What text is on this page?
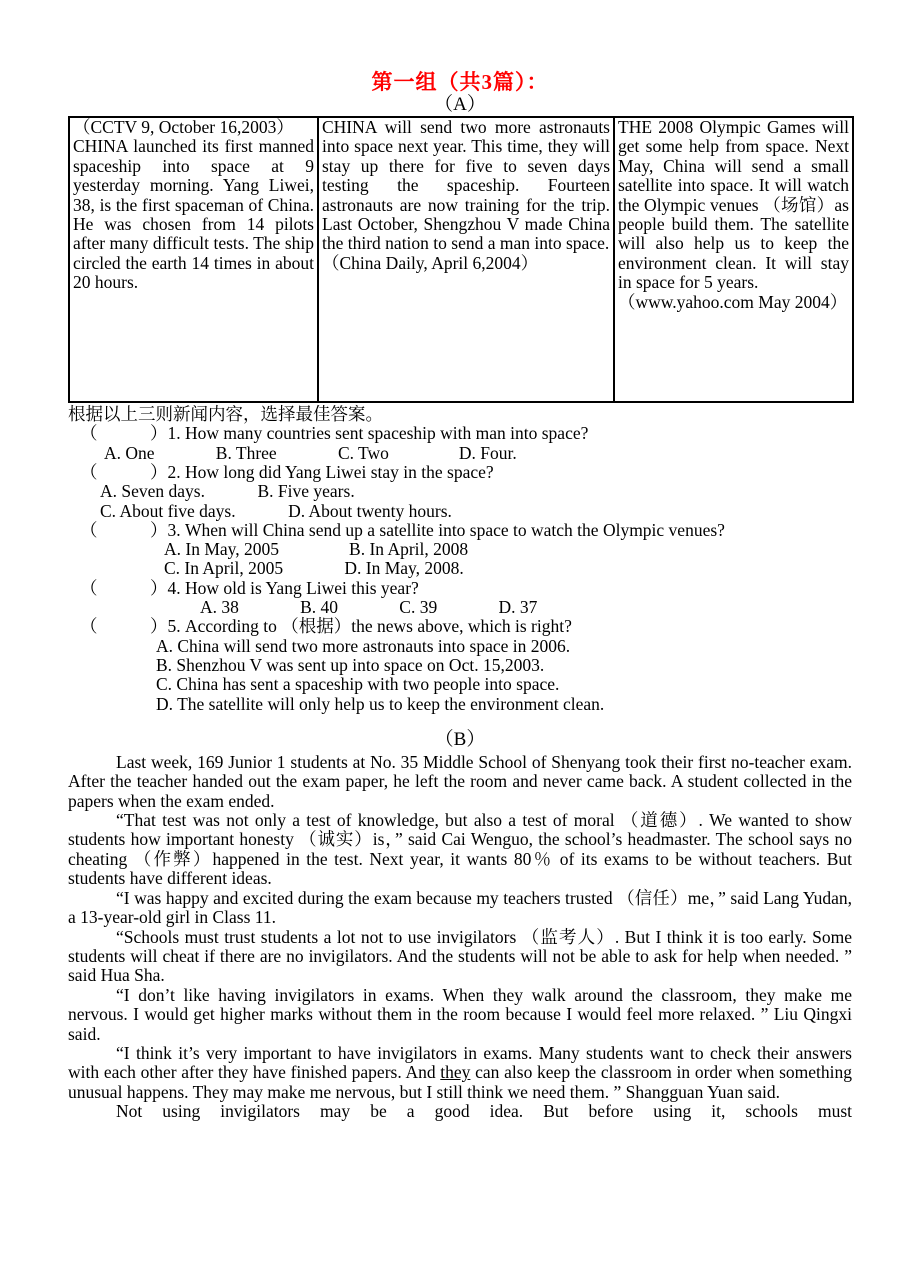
第一组（共3篇）：
（A）
（CCTV 9, October 16,2003）
CHINA launched its first manned spaceship into space at 9 yesterday morning. Yang Liwei, 38, is the first spaceman of China. He was chosen from 14 pilots after many difficult tests. The ship circled the earth 14 times in about 20 hours.

CHINA will send two more astronauts into space next year. This time, they will stay up there for five to seven days testing the spaceship. Fourteen astronauts are now training for the trip. Last October, Shengzhou V made China the third nation to send a man into space.
（China Daily, April 6,2004）

THE 2008 Olympic Games will get some help from space. Next May, China will send a small satellite into space. It will watch the Olympic venues （场馆）as people build them. The satellite will also help us to keep the environment clean. It will stay in space for 5 years.
（www.yahoo.com May 2004）
根据以上三则新闻内容，选择最佳答案。
（            ）1. How many countries sent spaceship with man into space?
A. One              B. Three              C. Two                D. Four.
（            ）2. How long did Yang Liwei stay in the space?
A. Seven days.            B. Five years.
C. About five days.            D. About twenty hours.
（            ）3. When will China send up a satellite into space to watch the Olympic venues?
A. In May, 2005                B. In April, 2008
C. In April, 2005              D. In May, 2008.
（            ）4. How old is Yang Liwei this year?
A. 38              B. 40              C. 39              D. 37
（            ）5. According to （根据）the news above, which is right?
A. China will send two more astronauts into space in 2006.
B. Shenzhou V was sent up into space on Oct. 15,2003.
C. China has sent a spaceship with two people into space.
D. The satellite will only help us to keep the environment clean.
（B）

Last week, 169 Junior 1 students at No. 35 Middle School of Shenyang took their first no-teacher exam. After the teacher handed out the exam paper, he left the room and never came back. A student collected in the papers when the exam ended.

“That test was not only a test of knowledge, but also a test of moral （道德）. We wanted to show students how important honesty （诚实）is，” said Cai Wenguo, the school’s headmaster. The school says no cheating （作弊）happened in the test. Next year, it wants 80％ of its exams to be without teachers. But students have different ideas.

“I was happy and excited during the exam because my teachers trusted （信任）me，” said Lang Yudan, a 13-year-old girl in Class 11.

“Schools must trust students a lot not to use invigilators （监考人）. But I think it is too early. Some students will cheat if there are no invigilators. And the students will not be able to ask for help when needed. ” said Hua Sha.

“I don’t like having invigilators in exams. When they walk around the classroom, they make me nervous. I would get higher marks without them in the room because I would feel more relaxed. ” Liu Qingxi said.

“I think it’s very important to have invigilators in exams. Many students want to check their answers with each other after they have finished papers. And they can also keep the classroom in order when something unusual happens. They may make me nervous, but I still think we need them. ” Shangguan Yuan said.

Not using invigilators may be a good idea. But before using it, schools must
